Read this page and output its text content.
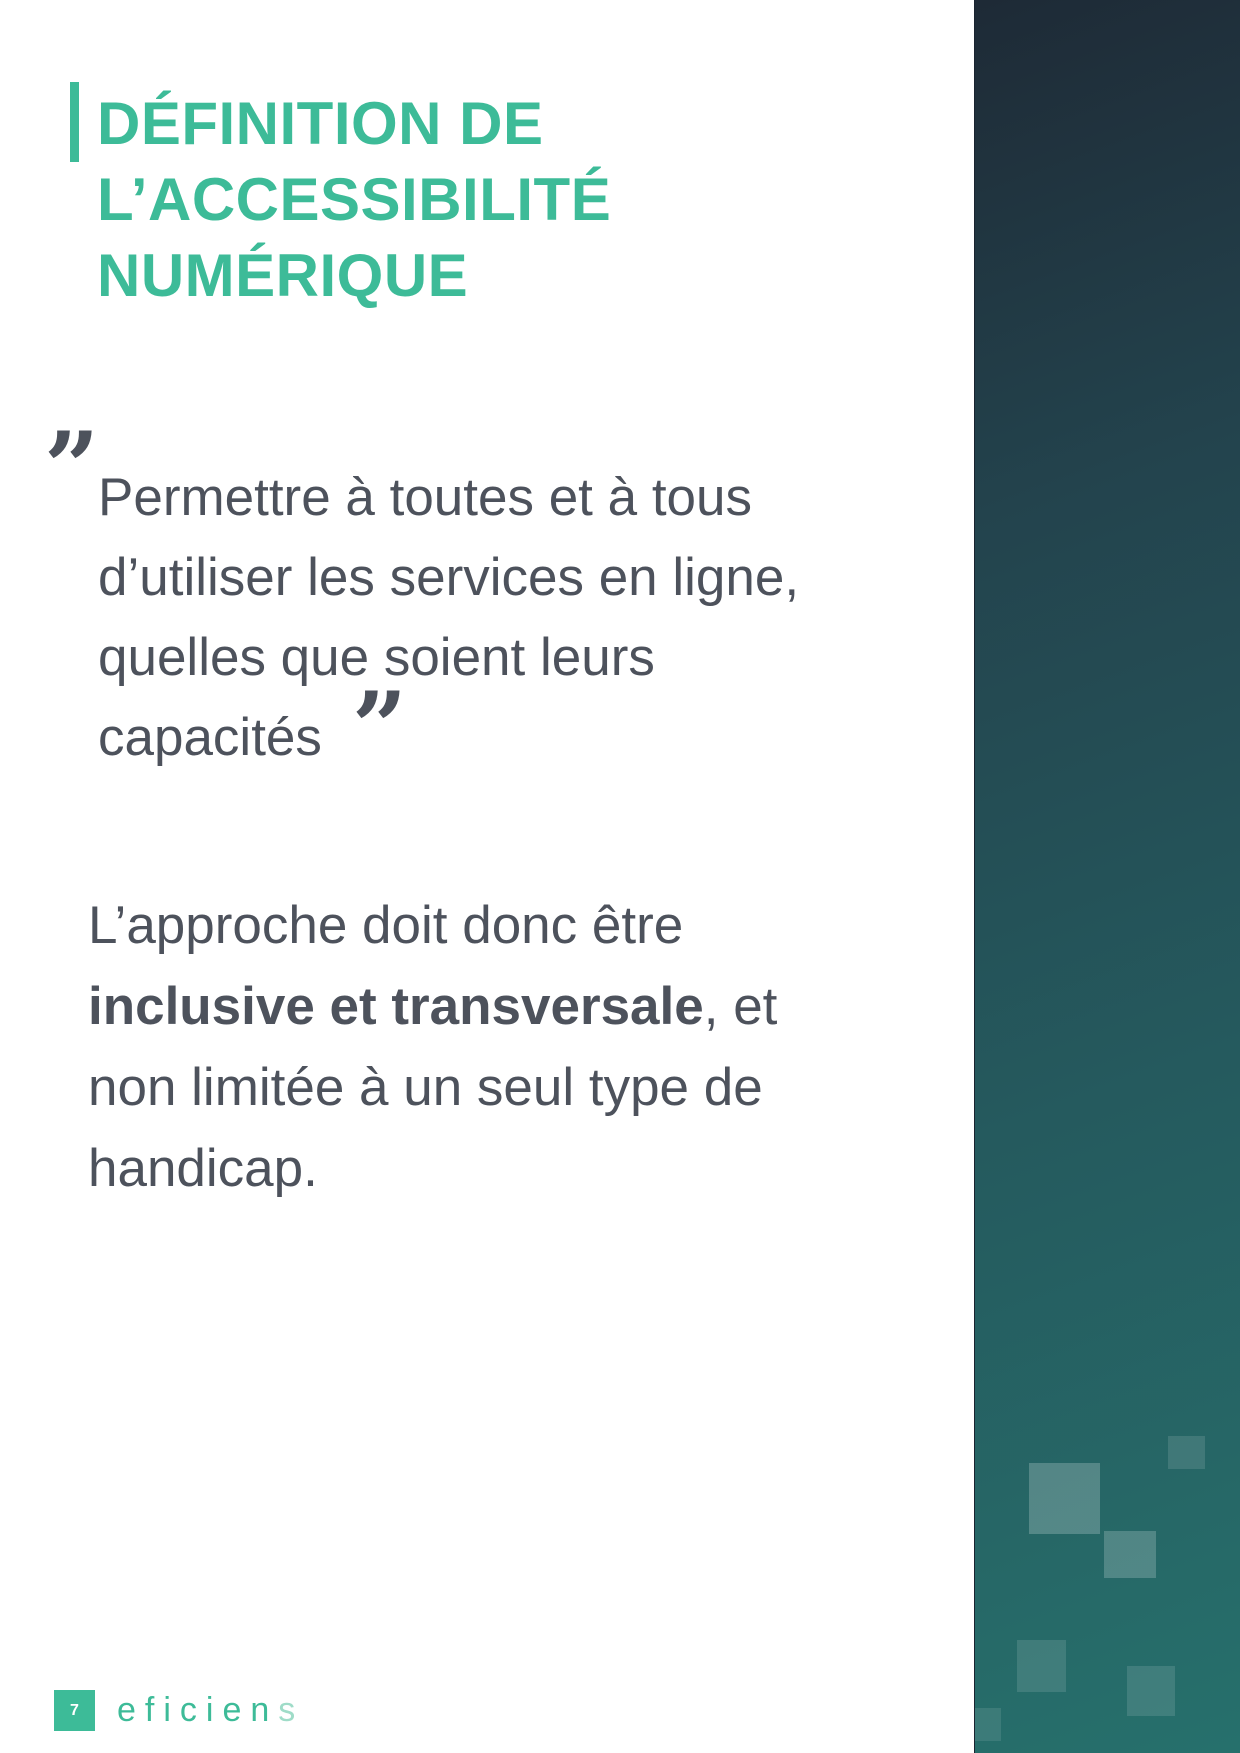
DÉFINITION DE
L’ACCESSIBILITÉ
NUMÉRIQUE
”

Permettre à toutes et à tous
d’utiliser les services en ligne,
quelles que soient leurs
capacités ”

L’approche doit donc être
inclusive et transversale, et
non limitée à un seul type de
handicap.

7	eficiens
